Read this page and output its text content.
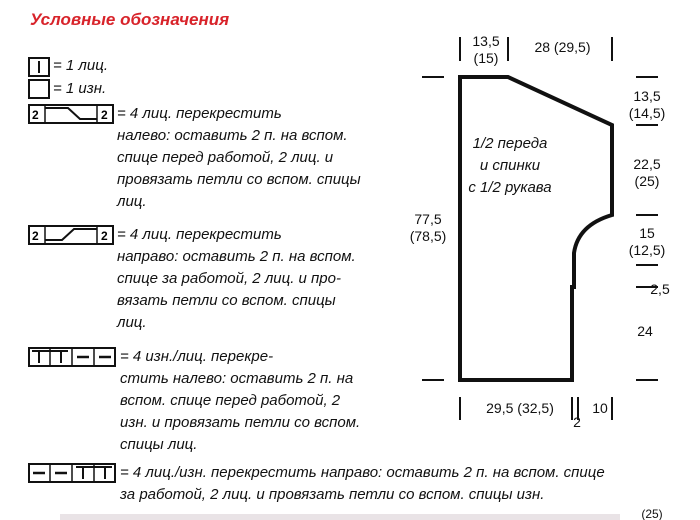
Условные обозначения
= 1 лиц.
= 1 изн.
2	2 = 4 лиц. перекрестить
налево: оставить 2 п. на вспом.
спице перед работой, 2 лиц. и
провязать петли со вспом. спицы
лиц.
2	2 = 4 лиц. перекрестить
направо: оставить 2 п. на вспом.
спице за работой, 2 лиц. и про-
вязать петли со вспом. спицы
лиц.
= 4 изн./лиц. перекре-
стить налево: оставить 2 п. на
вспом. спице перед работой, 2
изн. и провязать петли со вспом.
спицы лиц.
= 4 лиц./изн. перекрестить направо: оставить 2 п. на вспом. спице
за работой, 2 лиц. и провязать петли со вспом. спицы изн.
1/2 переда
и спинки
с 1/2 рукава
13,5
(15)
28 (29,5)
13,5
(14,5)
22,5
(25)
15
(12,5)
2,5
24
77,5
(78,5)
29,5 (32,5)
2
10
(25)
